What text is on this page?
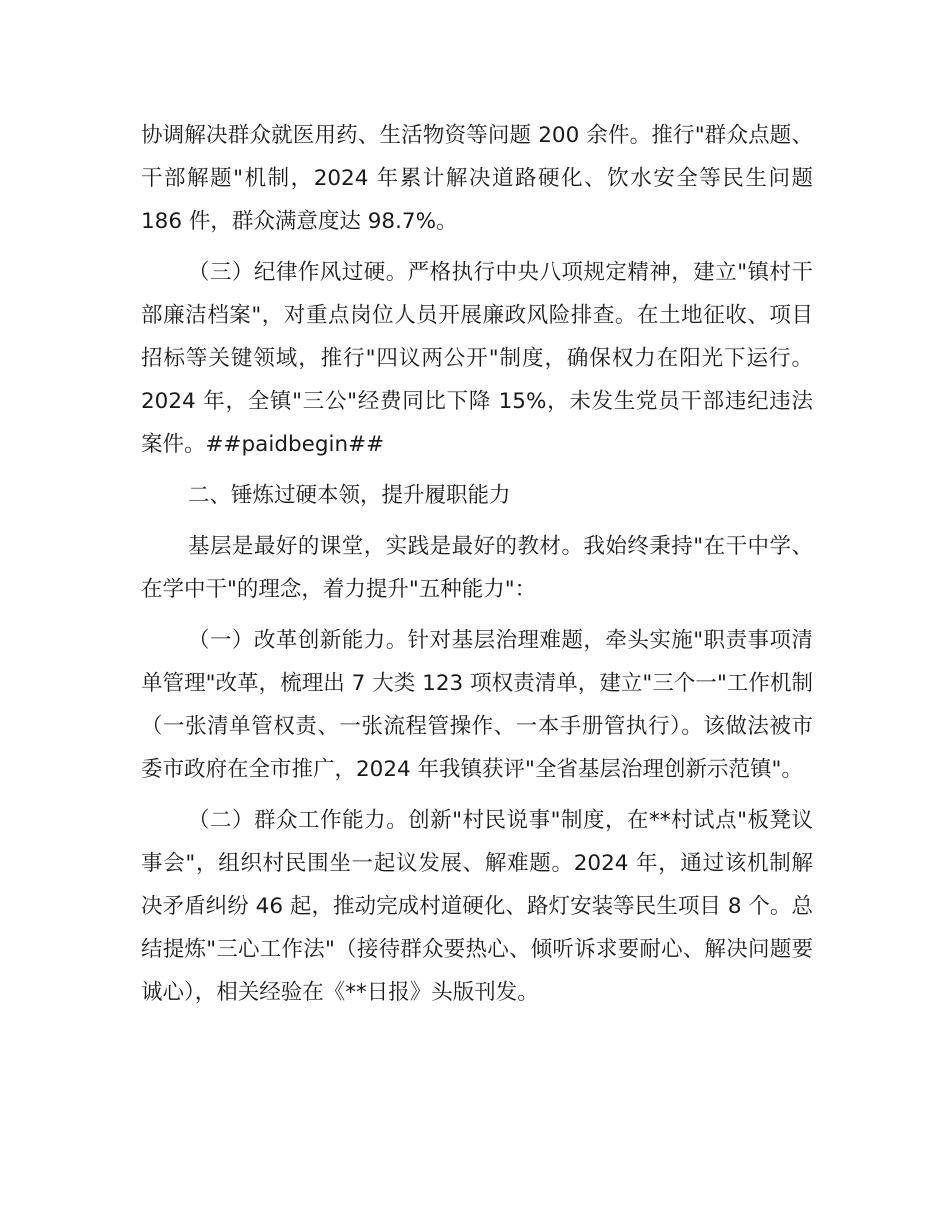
协调解决群众就医用药、生活物资等问题 200 余件。推行"群众点题、干部解题"机制，2024 年累计解决道路硬化、饮水安全等民生问题 186 件，群众满意度达 98.7%。

（三）纪律作风过硬。严格执行中央八项规定精神，建立"镇村干部廉洁档案"，对重点岗位人员开展廉政风险排查。在土地征收、项目招标等关键领域，推行"四议两公开"制度，确保权力在阳光下运行。2024 年，全镇"三公"经费同比下降 15%，未发生党员干部违纪违法案件。##paidbegin##

二、锤炼过硬本领，提升履职能力

基层是最好的课堂，实践是最好的教材。我始终秉持"在干中学、在学中干"的理念，着力提升"五种能力"：

（一）改革创新能力。针对基层治理难题，牵头实施"职责事项清单管理"改革，梳理出 7 大类 123 项权责清单，建立"三个一"工作机制（一张清单管权责、一张流程管操作、一本手册管执行）。该做法被市委市政府在全市推广，2024 年我镇获评"全省基层治理创新示范镇"。

（二）群众工作能力。创新"村民说事"制度，在**村试点"板凳议事会"，组织村民围坐一起议发展、解难题。2024 年，通过该机制解决矛盾纠纷 46 起，推动完成村道硬化、路灯安装等民生项目 8 个。总结提炼"三心工作法"（接待群众要热心、倾听诉求要耐心、解决问题要诚心），相关经验在《**日报》头版刊发。
